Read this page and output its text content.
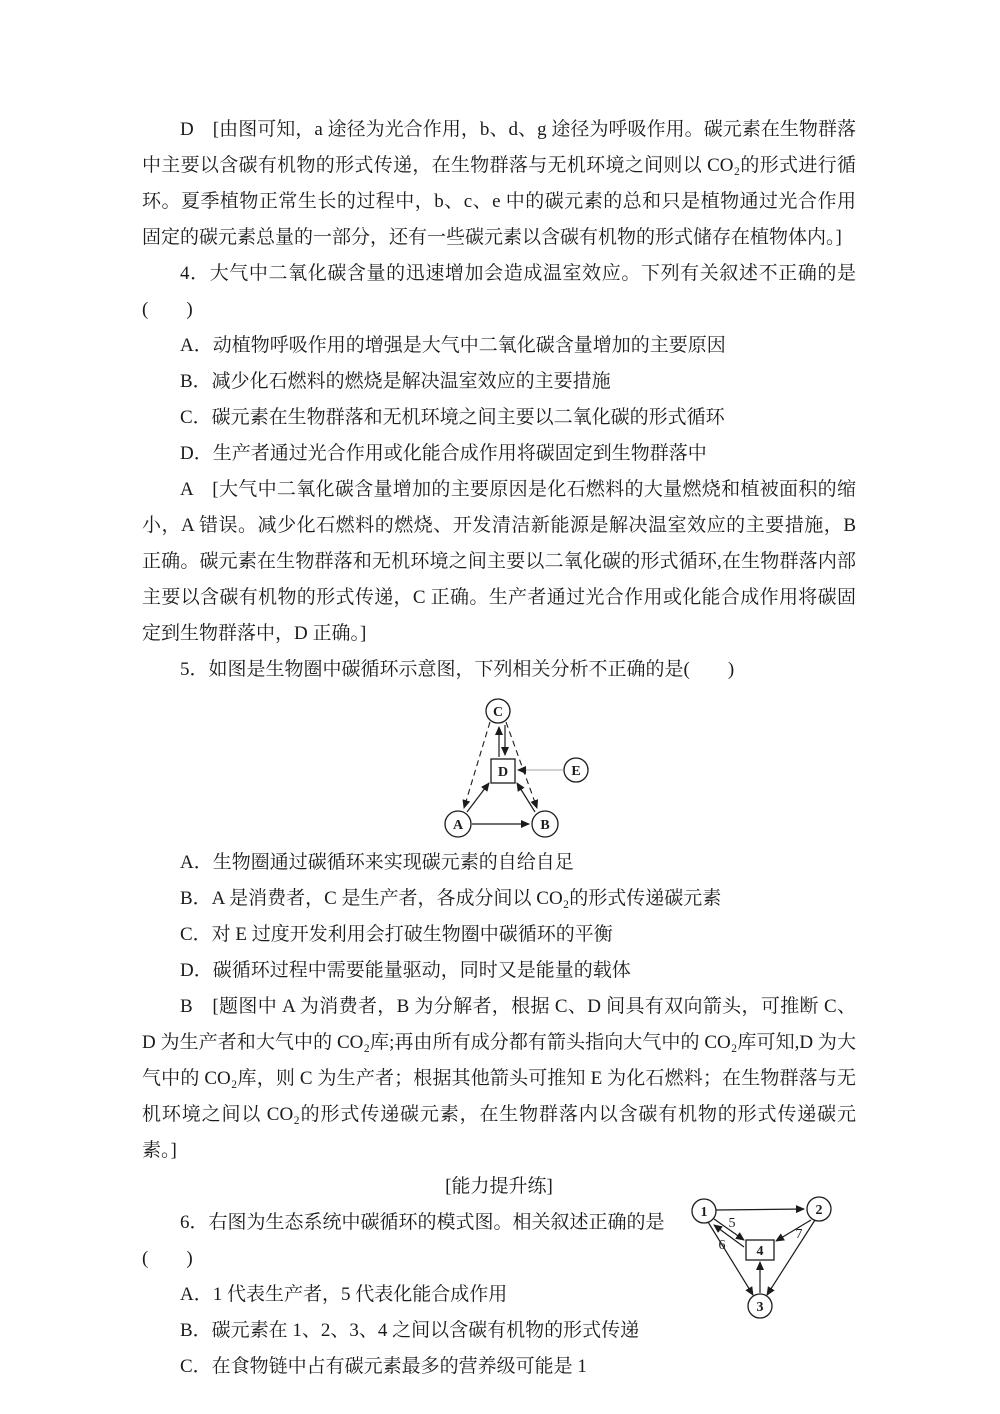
D　[由图可知，a 途径为光合作用，b、d、g 途径为呼吸作用。碳元素在生物群落中主要以含碳有机物的形式传递，在生物群落与无机环境之间则以 CO₂的形式进行循环。夏季植物正常生长的过程中，b、c、e 中的碳元素的总和只是植物通过光合作用固定的碳元素总量的一部分，还有一些碳元素以含碳有机物的形式储存在植物体内。]

4．大气中二氧化碳含量的迅速增加会造成温室效应。下列有关叙述不正确的是(　　)

A．动植物呼吸作用的增强是大气中二氧化碳含量增加的主要原因

B．减少化石燃料的燃烧是解决温室效应的主要措施

C．碳元素在生物群落和无机环境之间主要以二氧化碳的形式循环

D．生产者通过光合作用或化能合成作用将碳固定到生物群落中

A　[大气中二氧化碳含量增加的主要原因是化石燃料的大量燃烧和植被面积的缩小，A 错误。减少化石燃料的燃烧、开发清洁新能源是解决温室效应的主要措施，B 正确。碳元素在生物群落和无机环境之间主要以二氧化碳的形式循环,在生物群落内部主要以含碳有机物的形式传递，C 正确。生产者通过光合作用或化能合成作用将碳固定到生物群落中，D 正确。]

5．如图是生物圈中碳循环示意图，下列相关分析不正确的是(　　)

C
D	E
A	B

A．生物圈通过碳循环来实现碳元素的自给自足

B．A 是消费者，C 是生产者，各成分间以 CO₂的形式传递碳元素

C．对 E 过度开发利用会打破生物圈中碳循环的平衡

D．碳循环过程中需要能量驱动，同时又是能量的载体

B　[题图中 A 为消费者，B 为分解者，根据 C、D 间具有双向箭头，可推断 C、D 为生产者和大气中的 CO₂库;再由所有成分都有箭头指向大气中的 CO₂库可知,D 为大气中的 CO₂库，则 C 为生产者；根据其他箭头可推知 E 为化石燃料；在生物群落与无机环境之间以 CO₂的形式传递碳元素，在生物群落内以含碳有机物的形式传递碳元素。]

[能力提升练]

5
6
7
1	2
3
4

6．右图为生态系统中碳循环的模式图。相关叙述正确的是

(　　)

A．1 代表生产者，5 代表化能合成作用

B．碳元素在 1、2、3、4 之间以含碳有机物的形式传递

C．在食物链中占有碳元素最多的营养级可能是 1
